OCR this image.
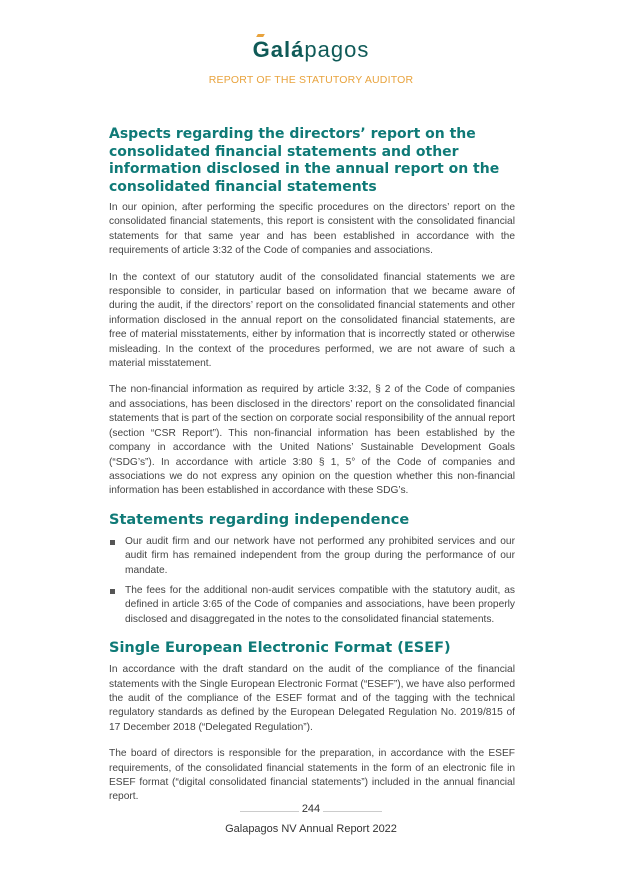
Galápagos
REPORT OF THE STATUTORY AUDITOR
Aspects regarding the directors’ report on the consolidated financial statements and other information disclosed in the annual report on the consolidated financial statements

In our opinion, after performing the specific procedures on the directors’ report on the consolidated financial statements, this report is consistent with the consolidated financial statements for that same year and has been established in accordance with the requirements of article 3:32 of the Code of companies and associations.

In the context of our statutory audit of the consolidated financial statements we are responsible to consider, in particular based on information that we became aware of during the audit, if the directors’ report on the consolidated financial statements and other information disclosed in the annual report on the consolidated financial statements, are free of material misstatements, either by information that is incorrectly stated or otherwise misleading. In the context of the procedures performed, we are not aware of such a material misstatement.

The non-financial information as required by article 3:32, § 2 of the Code of companies and associations, has been disclosed in the directors’ report on the consolidated financial statements that is part of the section on corporate social responsibility of the annual report (section “CSR Report”). This non-financial information has been established by the company in accordance with the United Nations’ Sustainable Development Goals (“SDG’s”). In accordance with article 3:80 § 1, 5° of the Code of companies and associations we do not express any opinion on the question whether this non-financial information has been established in accordance with these SDG’s.

Statements regarding independence
Our audit firm and our network have not performed any prohibited services and our audit firm has remained independent from the group during the performance of our mandate.
The fees for the additional non-audit services compatible with the statutory audit, as defined in article 3:65 of the Code of companies and associations, have been properly disclosed and disaggregated in the notes to the consolidated financial statements.
Single European Electronic Format (ESEF)

In accordance with the draft standard on the audit of the compliance of the financial statements with the Single European Electronic Format (“ESEF”), we have also performed the audit of the compliance of the ESEF format and of the tagging with the technical regulatory standards as defined by the European Delegated Regulation No. 2019/815 of 17 December 2018 (“Delegated Regulation”).

The board of directors is responsible for the preparation, in accordance with the ESEF requirements, of the consolidated financial statements in the form of an electronic file in ESEF format (“digital consolidated financial statements”) included in the annual financial report.

244
Galapagos NV Annual Report 2022
